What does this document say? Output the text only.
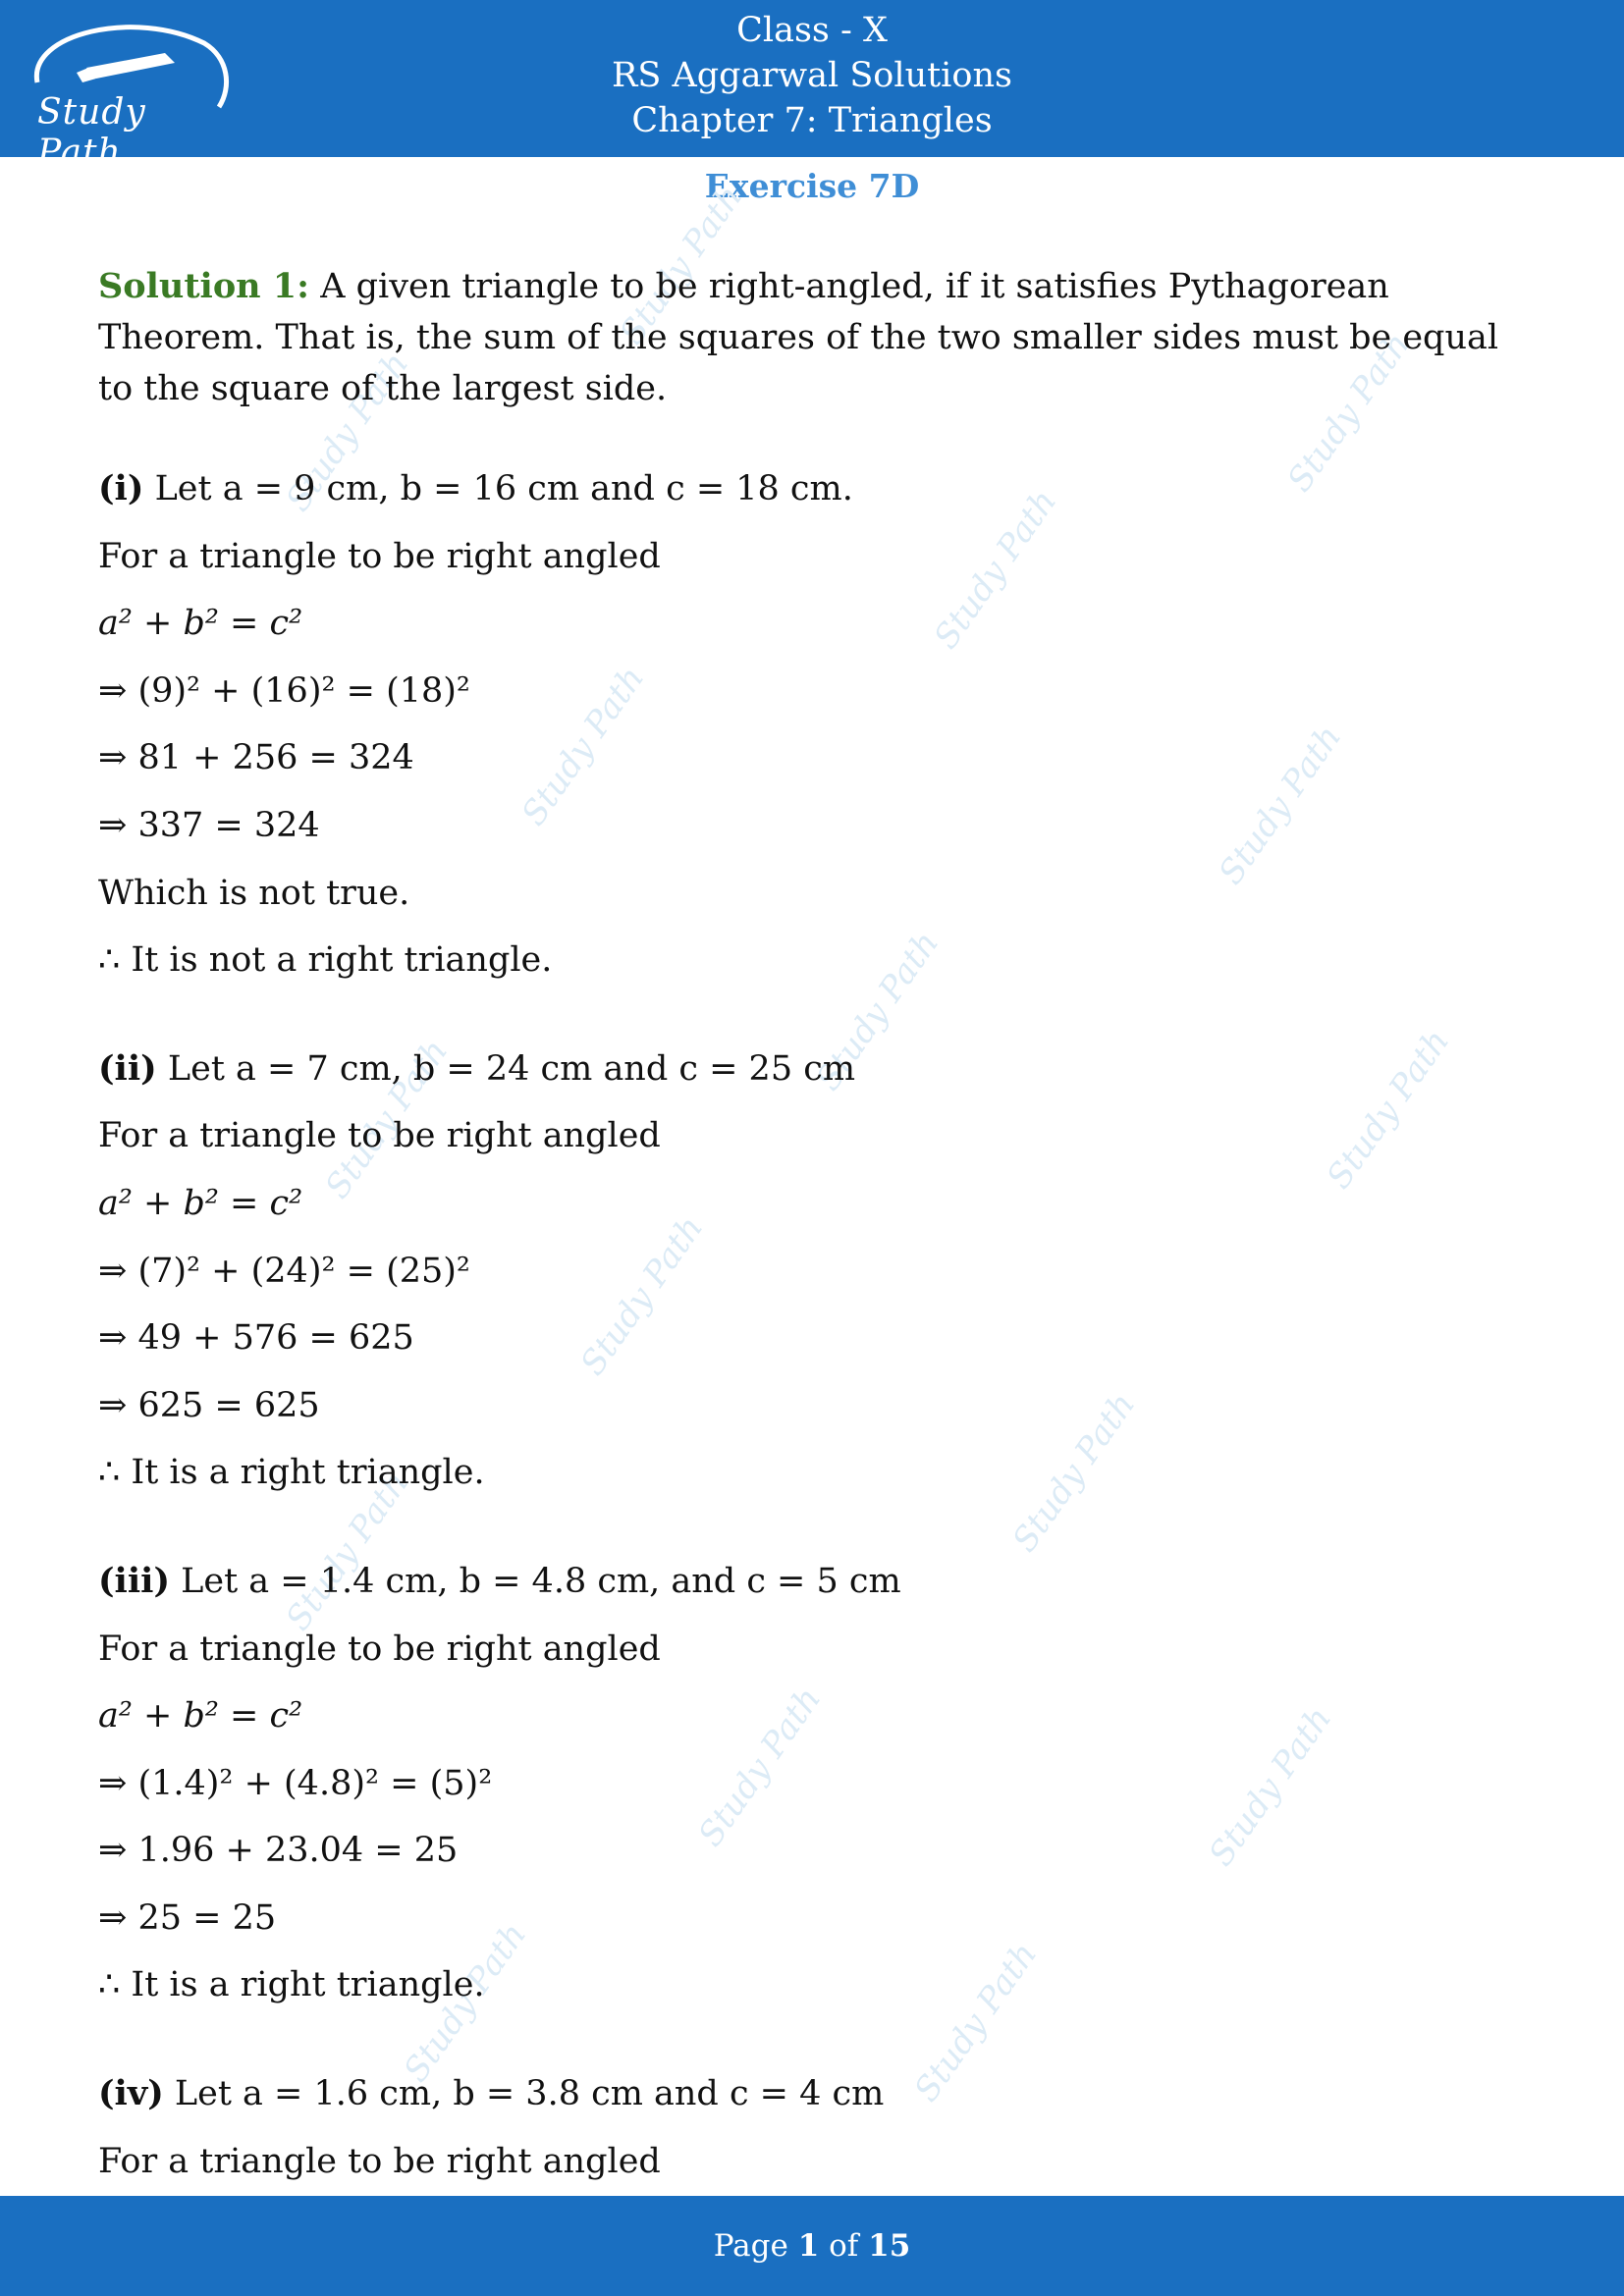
Study Path
Class - X
RS Aggarwal Solutions
Chapter 7: Triangles
Exercise 7D
Study Path
Study Path
Study Path
Study Path
Study Path	Study Path
Study Path
Study Path	Study Path
Study Path
Study Path
Study Path
Study Path	Study Path
Study Path	Study Path

Solution 1: A given triangle to be right-angled, if it satisfies Pythagorean Theorem. That is, the sum of the squares of the two smaller sides must be equal to the square of the largest side.

(i) Let a = 9 cm, b = 16 cm and c = 18 cm.
For a triangle to be right angled
a² + b² = c²
⇒ (9)² + (16)² = (18)²
⇒ 81 + 256 = 324
⇒ 337 = 324
Which is not true.
∴ It is not a right triangle.
(ii) Let a = 7 cm, b = 24 cm and c = 25 cm
For a triangle to be right angled
a² + b² = c²
⇒ (7)² + (24)² = (25)²
⇒ 49 + 576 = 625
⇒ 625 = 625
∴ It is a right triangle.
(iii) Let a = 1.4 cm, b = 4.8 cm, and c = 5 cm
For a triangle to be right angled
a² + b² = c²
⇒ (1.4)² + (4.8)² = (5)²
⇒ 1.96 + 23.04 = 25
⇒ 25 = 25
∴ It is a right triangle.
(iv) Let a = 1.6 cm, b = 3.8 cm and c = 4 cm
For a triangle to be right angled
Page 1 of 15
